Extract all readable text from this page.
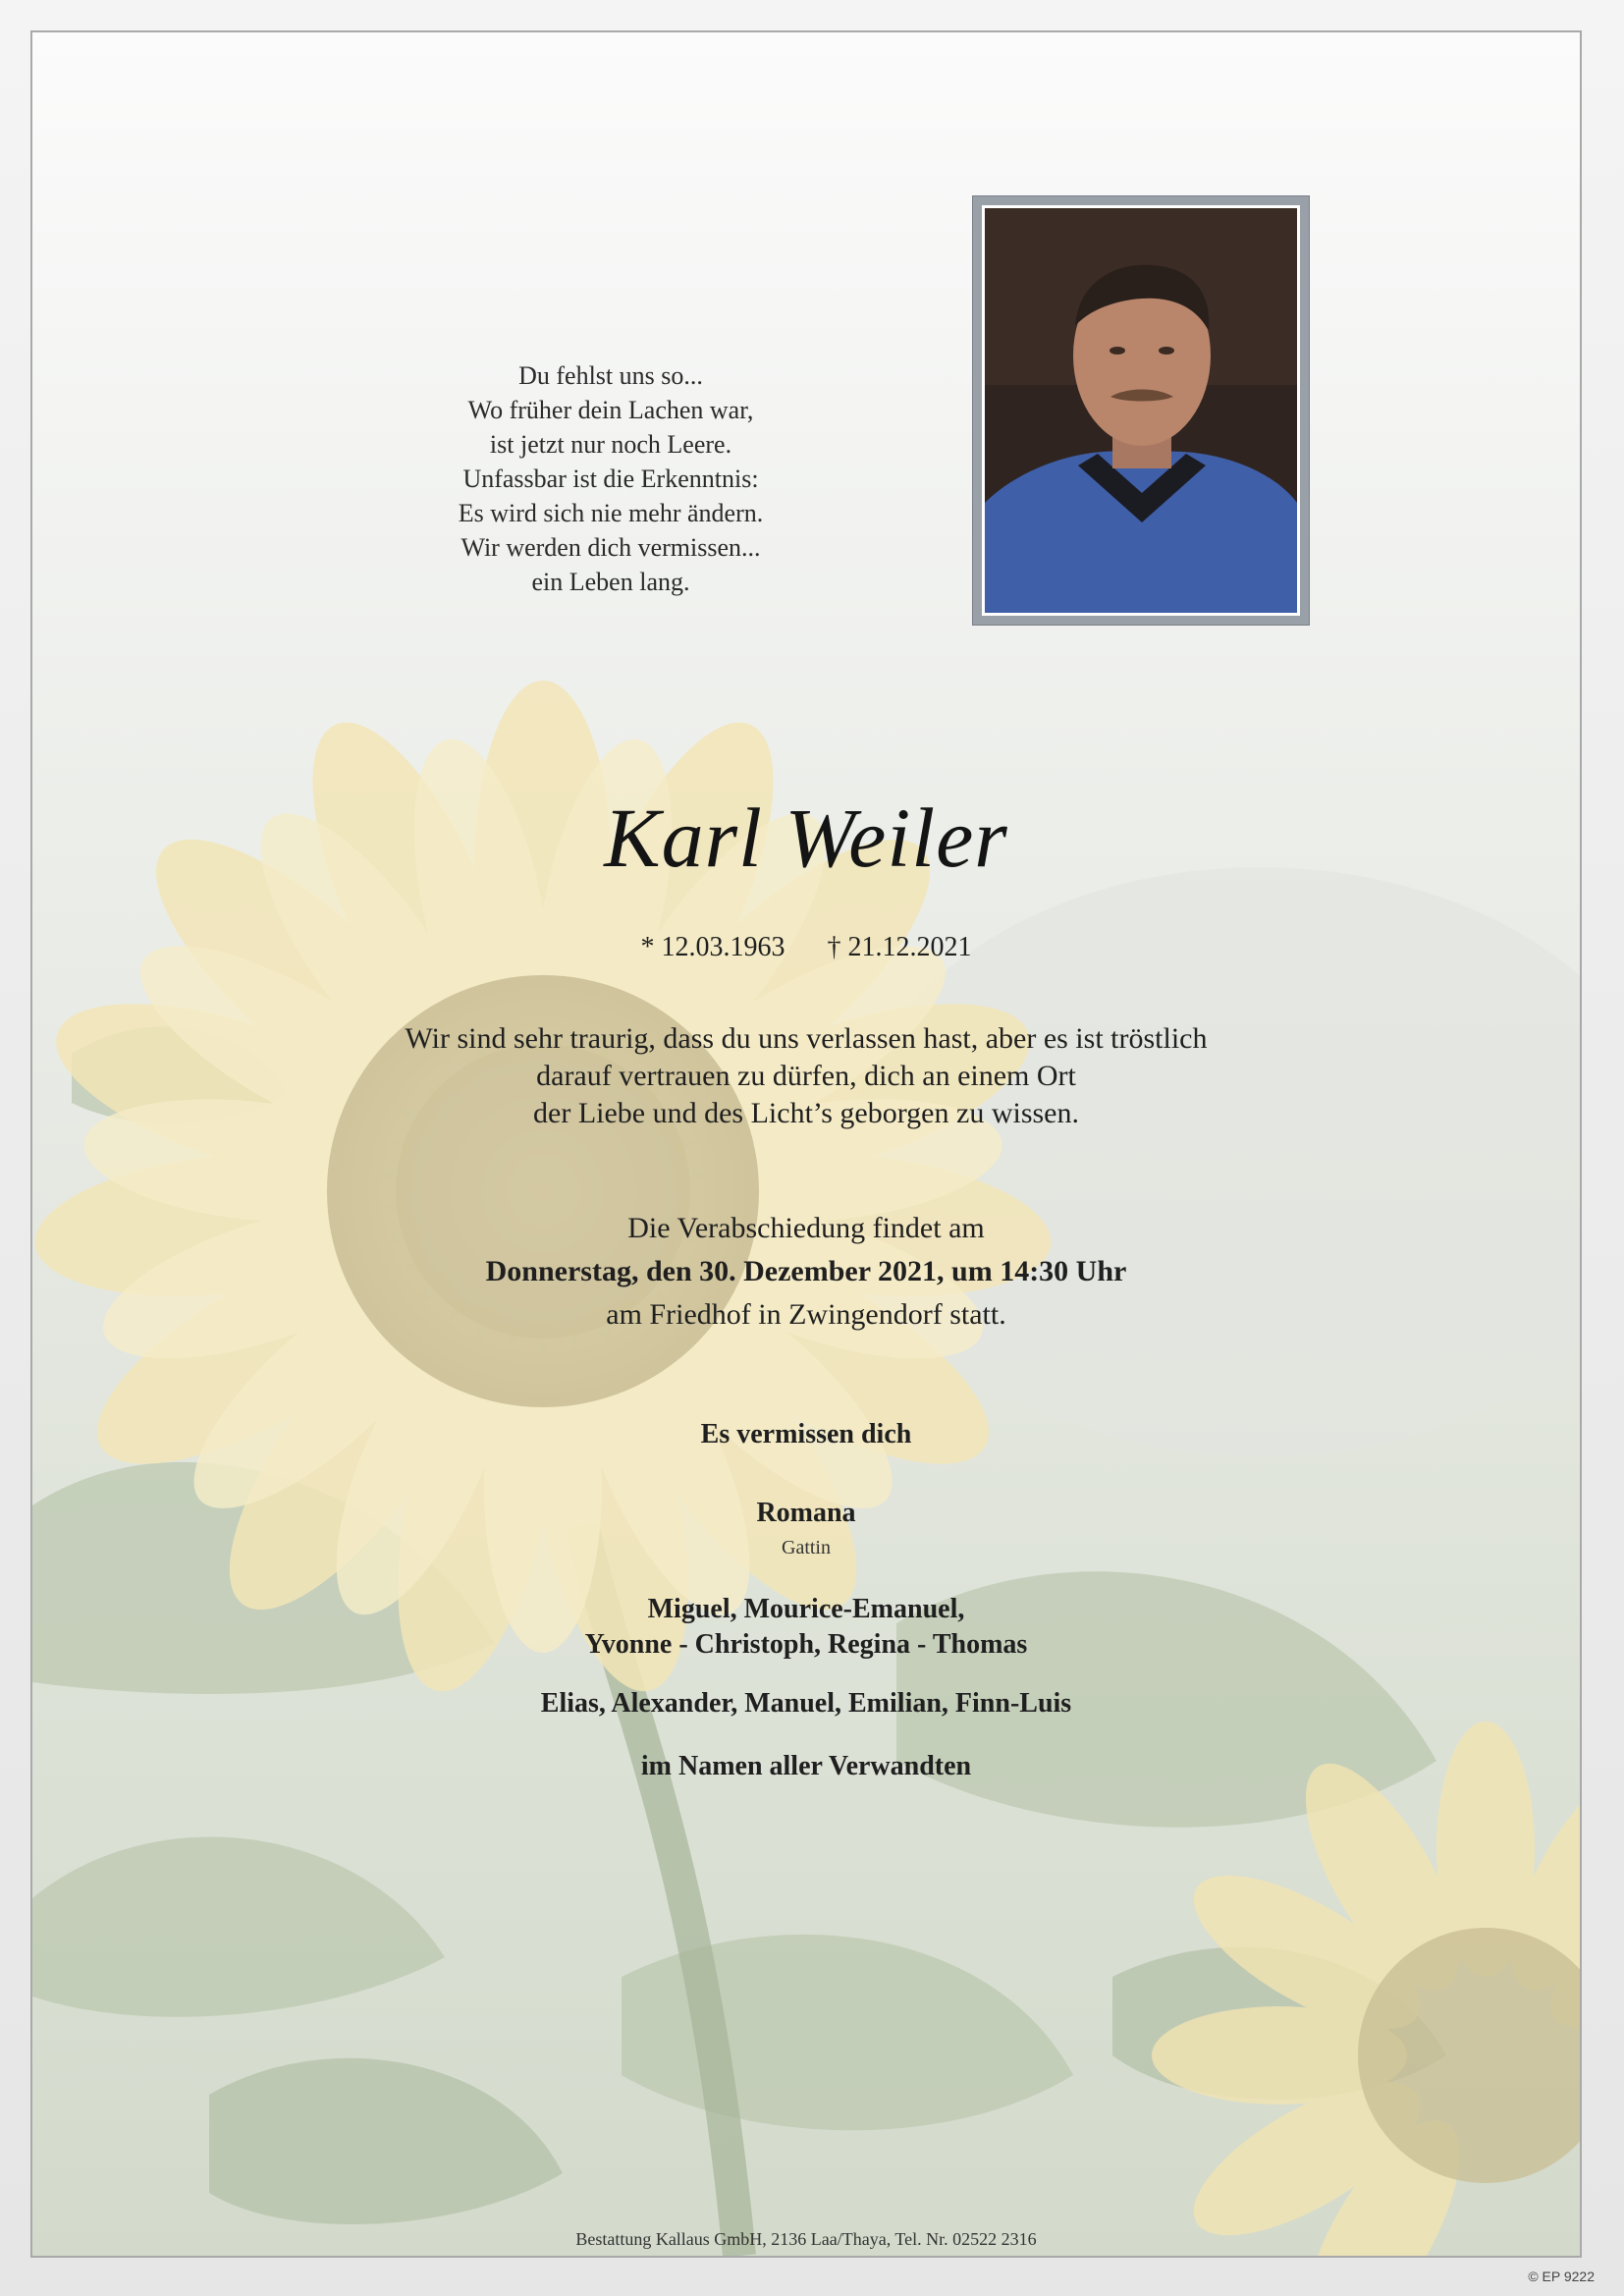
Du fehlst uns so...
Wo früher dein Lachen war,
ist jetzt nur noch Leere.
Unfassbar ist die Erkenntnis:
Es wird sich nie mehr ändern.
Wir werden dich vermissen...
ein Leben lang.
Karl Weiler
* 12.03.1963 † 21.12.2021
Wir sind sehr traurig, dass du uns verlassen hast, aber es ist tröstlich
darauf vertrauen zu dürfen, dich an einem Ort
der Liebe und des Licht’s geborgen zu wissen.
Die Verabschiedung findet am
Donnerstag, den 30. Dezember 2021, um 14:30 Uhr
am Friedhof in Zwingendorf statt.
Es vermissen dich
Romana
Gattin
Miguel, Mourice-Emanuel,
Yvonne - Christoph, Regina - Thomas
Elias, Alexander, Manuel, Emilian, Finn-Luis
im Namen aller Verwandten
Bestattung Kallaus GmbH, 2136 Laa/Thaya, Tel. Nr. 02522 2316
© EP 9222
